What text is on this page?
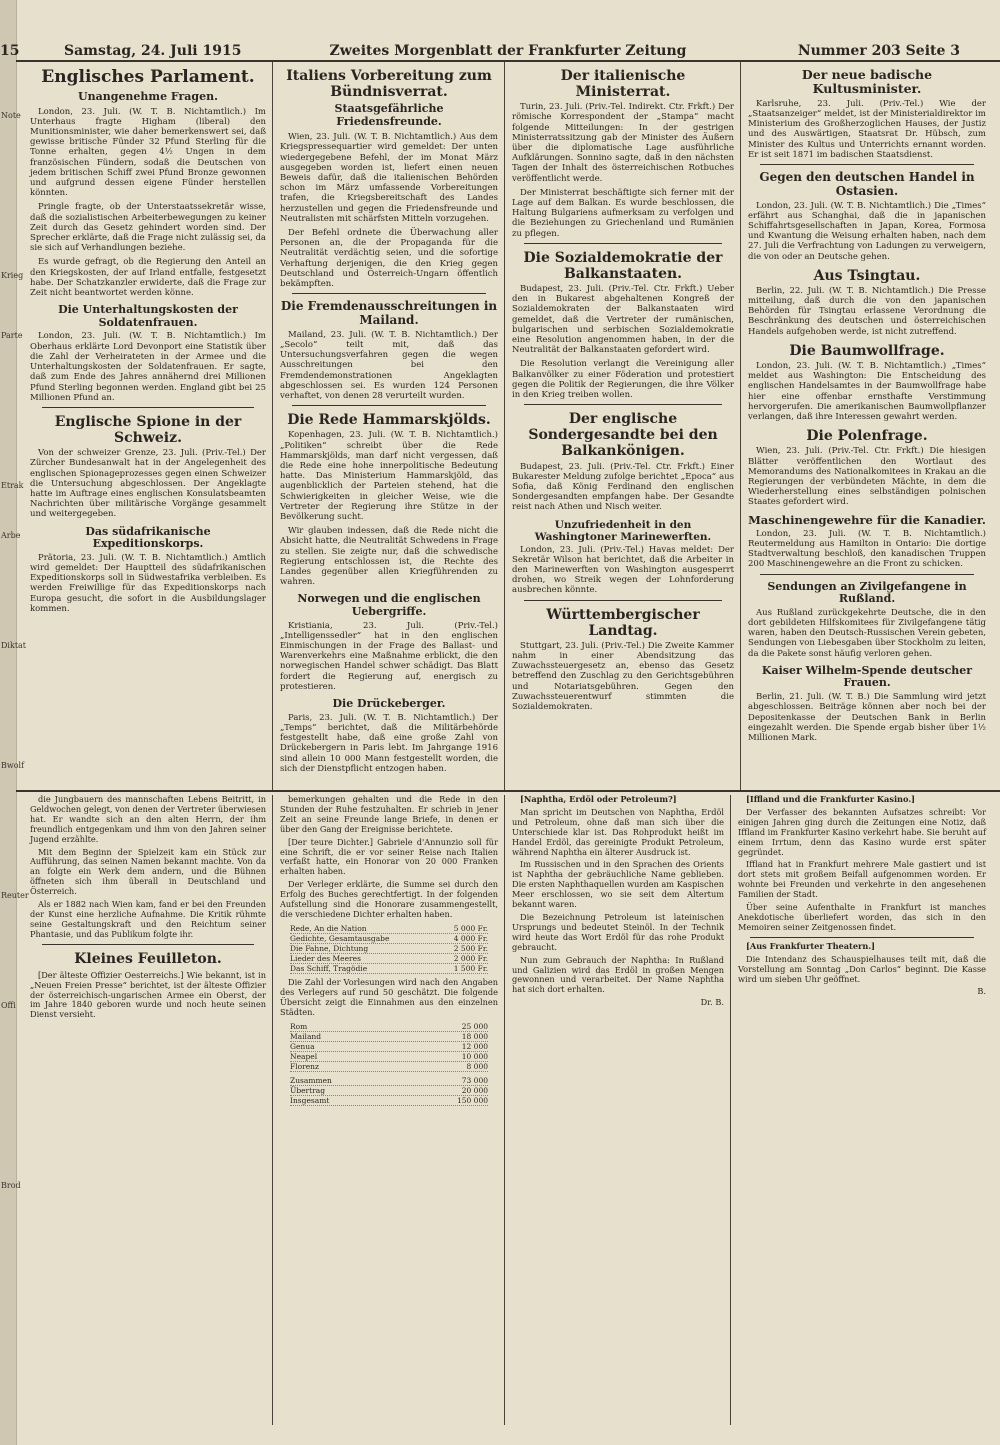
Note
Krieg
Parte
Etrak
Arbe
Diktat
Bwolf
Reuter
Offi
Brod
15	Samstag, 24. Juli 1915	Zweites Morgenblatt der Frankfurter Zeitung	Nummer 203 Seite 3
Englisches Parlament.
Unangenehme Fragen.

London, 23. Juli. (W. T. B. Nichtamtlich.) Im Unterhaus fragte Higham (liberal) den Munitionsminister, wie daher bemerkenswert sei, daß gewisse britische Fünder 32 Pfund Sterling für die Tonne erhalten, gegen 4½ Ungen in dem französischen Fündern, sodaß die Deutschen von jedem britischen Schiff zwei Pfund Bronze gewonnen und aufgrund dessen eigene Fünder herstellen könnten.

Pringle fragte, ob der Unterstaatssekretär wisse, daß die sozialistischen Arbeiterbewegungen zu keiner Zeit durch das Gesetz gehindert worden sind. Der Sprecher erklärte, daß die Frage nicht zulässig sei, da sie sich auf Verhandlungen beziehe.

Es wurde gefragt, ob die Regierung den Anteil an den Kriegskosten, der auf Irland entfalle, festgesetzt habe. Der Schatzkanzler erwiderte, daß die Frage zur Zeit nicht beantwortet werden könne.

Die Unterhaltungskosten der Soldatenfrauen.

London, 23. Juli. (W. T. B. Nichtamtlich.) Im Oberhaus erklärte Lord Devonport eine Statistik über die Zahl der Verheirateten in der Armee und die Unterhaltungskosten der Soldatenfrauen. Er sagte, daß zum Ende des Jahres annähernd drei Millionen Pfund Sterling begonnen werden. England gibt bei 25 Millionen Pfund an.

Englische Spione in der Schweiz.

Von der schweizer Grenze, 23. Juli. (Priv.-Tel.) Der Zürcher Bundesanwalt hat in der Angelegenheit des englischen Spionageprozesses gegen einen Schweizer die Untersuchung abgeschlossen. Der Angeklagte hatte im Auftrage eines englischen Konsulatsbeamten Nachrichten über militärische Vorgänge gesammelt und weitergegeben.

Das südafrikanische Expeditionskorps.

Prätoria, 23. Juli. (W. T. B. Nichtamtlich.) Amtlich wird gemeldet: Der Hauptteil des südafrikanischen Expeditionskorps soll in Südwestafrika verbleiben. Es werden Freiwillige für das Expeditionskorps nach Europa gesucht, die sofort in die Ausbildungslager kommen.

Italiens Vorbereitung zum Bündnisverrat.
Staatsgefährliche Friedensfreunde.

Wien, 23. Juli. (W. T. B. Nichtamtlich.) Aus dem Kriegspressequartier wird gemeldet: Der unten wiedergegebene Befehl, der im Monat März ausgegeben worden ist, liefert einen neuen Beweis dafür, daß die italienischen Behörden schon im März umfassende Vorbereitungen trafen, die Kriegsbereitschaft des Landes herzustellen und gegen die Friedensfreunde und Neutralisten mit schärfsten Mitteln vorzugehen.

Der Befehl ordnete die Überwachung aller Personen an, die der Propaganda für die Neutralität verdächtig seien, und die sofortige Verhaftung derjenigen, die den Krieg gegen Deutschland und Österreich-Ungarn öffentlich bekämpften.

Die Fremdenausschreitungen in Mailand.

Mailand, 23. Juli. (W. T. B. Nichtamtlich.) Der „Secolo“ teilt mit, daß das Untersuchungsverfahren gegen die wegen Ausschreitungen bei den Fremdendemonstrationen Angeklagten abgeschlossen sei. Es wurden 124 Personen verhaftet, von denen 28 verurteilt wurden.

Die Rede Hammarskjölds.

Kopenhagen, 23. Juli. (W. T. B. Nichtamtlich.) „Politiken“ schreibt über die Rede Hammarskjölds, man darf nicht vergessen, daß die Rede eine hohe innerpolitische Bedeutung hatte. Das Ministerium Hammarskjöld, das augenblicklich der Parteien stehend, hat die Schwierigkeiten in gleicher Weise, wie die Vertreter der Regierung ihre Stütze in der Bevölkerung sucht.

Wir glauben indessen, daß die Rede nicht die Absicht hatte, die Neutralität Schwedens in Frage zu stellen. Sie zeigte nur, daß die schwedische Regierung entschlossen ist, die Rechte des Landes gegenüber allen Kriegführenden zu wahren.

Norwegen und die englischen Uebergriffe.

Kristiania, 23. Juli. (Priv.-Tel.) „Intelligenssedler“ hat in den englischen Einmischungen in der Frage des Ballast- und Warenverkehrs eine Maßnahme erblickt, die den norwegischen Handel schwer schädigt. Das Blatt fordert die Regierung auf, energisch zu protestieren.

Die Drückeberger.

Paris, 23. Juli. (W. T. B. Nichtamtlich.) Der „Temps“ berichtet, daß die Militärbehörde festgestellt habe, daß eine große Zahl von Drückebergern in Paris lebt. Im Jahrgange 1916 sind allein 10 000 Mann festgestellt worden, die sich der Dienstpflicht entzogen haben.

Der italienische Ministerrat.

Turin, 23. Juli. (Priv.-Tel. Indirekt. Ctr. Frkft.) Der römische Korrespondent der „Stampa“ macht folgende Mitteilungen: In der gestrigen Ministerratssitzung gab der Minister des Äußern über die diplomatische Lage ausführliche Aufklärungen. Sonnino sagte, daß in den nächsten Tagen der Inhalt des österreichischen Rotbuches veröffentlicht werde.

Der Ministerrat beschäftigte sich ferner mit der Lage auf dem Balkan. Es wurde beschlossen, die Haltung Bulgariens aufmerksam zu verfolgen und die Beziehungen zu Griechenland und Rumänien zu pflegen.

Die Sozialdemokratie der Balkanstaaten.

Budapest, 23. Juli. (Priv.-Tel. Ctr. Frkft.) Ueber den in Bukarest abgehaltenen Kongreß der Sozialdemokraten der Balkanstaaten wird gemeldet, daß die Vertreter der rumänischen, bulgarischen und serbischen Sozialdemokratie eine Resolution angenommen haben, in der die Neutralität der Balkanstaaten gefordert wird.

Die Resolution verlangt die Vereinigung aller Balkanvölker zu einer Föderation und protestiert gegen die Politik der Regierungen, die ihre Völker in den Krieg treiben wollen.

Der englische Sondergesandte bei den Balkankönigen.

Budapest, 23. Juli. (Priv.-Tel. Ctr. Frkft.) Einer Bukarester Meldung zufolge berichtet „Epoca“ aus Sofia, daß König Ferdinand den englischen Sondergesandten empfangen habe. Der Gesandte reist nach Athen und Nisch weiter.

Unzufriedenheit in den Washingtoner Marinewerften.

London, 23. Juli. (Priv.-Tel.) Havas meldet: Der Sekretär Wilson hat berichtet, daß die Arbeiter in den Marinewerften von Washington ausgesperrt drohen, wo Streik wegen der Lohnforderung ausbrechen könnte.

Württembergischer Landtag.

Stuttgart, 23. Juli. (Priv.-Tel.) Die Zweite Kammer nahm in einer Abendsitzung das Zuwachssteuergesetz an, ebenso das Gesetz betreffend den Zuschlag zu den Gerichtsgebühren und Notariatsgebühren. Gegen den Zuwachssteuerentwurf stimmten die Sozialdemokraten.

Der neue badische Kultusminister.

Karlsruhe, 23. Juli. (Priv.-Tel.) Wie der „Staatsanzeiger“ meldet, ist der Ministerialdirektor im Ministerium des Großherzoglichen Hauses, der Justiz und des Auswärtigen, Staatsrat Dr. Hübsch, zum Minister des Kultus und Unterrichts ernannt worden. Er ist seit 1871 im badischen Staatsdienst.

Gegen den deutschen Handel in Ostasien.

London, 23. Juli. (W. T. B. Nichtamtlich.) Die „Times“ erfährt aus Schanghai, daß die in japanischen Schiffahrtsgesellschaften in Japan, Korea, Formosa und Kwantung die Weisung erhalten haben, nach dem 27. Juli die Verfrachtung von Ladungen zu verweigern, die von oder an Deutsche gehen.

Aus Tsingtau.

Berlin, 22. Juli. (W. T. B. Nichtamtlich.) Die Presse mitteilung, daß durch die von den japanischen Behörden für Tsingtau erlassene Verordnung die Beschränkung des deutschen und österreichischen Handels aufgehoben werde, ist nicht zutreffend.

Die Baumwollfrage.

London, 23. Juli. (W. T. B. Nichtamtlich.) „Times“ meldet aus Washington: Die Entscheidung des englischen Handelsamtes in der Baumwollfrage habe hier eine offenbar ernsthafte Verstimmung hervorgerufen. Die amerikanischen Baumwollpflanzer verlangen, daß ihre Interessen gewahrt werden.

Die Polenfrage.

Wien, 23. Juli. (Priv.-Tel. Ctr. Frkft.) Die hiesigen Blätter veröffentlichen den Wortlaut des Memorandums des Nationalkomitees in Krakau an die Regierungen der verbündeten Mächte, in dem die Wiederherstellung eines selbständigen polnischen Staates gefordert wird.

Maschinengewehre für die Kanadier.

London, 23. Juli. (W. T. B. Nichtamtlich.) Reutermeldung aus Hamilton in Ontario: Die dortige Stadtverwaltung beschloß, den kanadischen Truppen 200 Maschinengewehre an die Front zu schicken.

Sendungen an Zivilgefangene in Rußland.

Aus Rußland zurückgekehrte Deutsche, die in den dort gebildeten Hilfskomitees für Zivilgefangene tätig waren, haben den Deutsch-Russischen Verein gebeten, Sendungen von Liebesgaben über Stockholm zu leiten, da die Pakete sonst häufig verloren gehen.

Kaiser Wilhelm-Spende deutscher Frauen.

Berlin, 21. Juli. (W. T. B.) Die Sammlung wird jetzt abgeschlossen. Beiträge können aber noch bei der Depositenkasse der Deutschen Bank in Berlin eingezahlt werden. Die Spende ergab bisher über 1½ Millionen Mark.

die Jungbauern des mannschaften Lebens Beitritt, in Geldwochen gelegt, von denen der Vertreter überwiesen hat. Er wandte sich an den alten Herrn, der ihm freundlich entgegenkam und ihm von den Jahren seiner Jugend erzählte.

Mit dem Beginn der Spielzeit kam ein Stück zur Aufführung, das seinen Namen bekannt machte. Von da an folgte ein Werk dem andern, und die Bühnen öffneten sich ihm überall in Deutschland und Österreich.

Als er 1882 nach Wien kam, fand er bei den Freunden der Kunst eine herzliche Aufnahme. Die Kritik rühmte seine Gestaltungskraft und den Reichtum seiner Phantasie, und das Publikum folgte ihr.

Kleines Feuilleton.

[Der älteste Offizier Oesterreichs.] Wie bekannt, ist in „Neuen Freien Presse“ berichtet, ist der älteste Offizier der österreichisch-ungarischen Armee ein Oberst, der im Jahre 1840 geboren wurde und noch heute seinen Dienst versieht.

bemerkungen gehalten und die Rede in den Stunden der Ruhe festzuhalten. Er schrieb in jener Zeit an seine Freunde lange Briefe, in denen er über den Gang der Ereignisse berichtete.

[Der teure Dichter.] Gabriele d'Annunzio soll für eine Schrift, die er vor seiner Reise nach Italien verfaßt hatte, ein Honorar von 20 000 Franken erhalten haben.

Der Verleger erklärte, die Summe sei durch den Erfolg des Buches gerechtfertigt. In der folgenden Aufstellung sind die Honorare zusammengestellt, die verschiedene Dichter erhalten haben.

Rede, An die Nation	5 000 Fr.
Gedichte, Gesamtausgabe	4 000 Fr.
Die Fahne, Dichtung	2 500 Fr.
Lieder des Meeres	2 000 Fr.
Das Schiff, Tragödie	1 500 Fr.

Die Zahl der Vorlesungen wird nach den Angaben des Verlegers auf rund 50 geschätzt. Die folgende Übersicht zeigt die Einnahmen aus den einzelnen Städten.

Rom	25 000
Mailand	18 000
Genua	12 000
Neapel	10 000
Florenz	8 000
Zusammen	73 000
Übertrag	20 000
Insgesamt	150 000

[Naphtha, Erdöl oder Petroleum?]

Man spricht im Deutschen von Naphtha, Erdöl und Petroleum, ohne daß man sich über die Unterschiede klar ist. Das Rohprodukt heißt im Handel Erdöl, das gereinigte Produkt Petroleum, während Naphtha ein älterer Ausdruck ist.

Im Russischen und in den Sprachen des Orients ist Naphtha der gebräuchliche Name geblieben. Die ersten Naphthaquellen wurden am Kaspischen Meer erschlossen, wo sie seit dem Altertum bekannt waren.

Die Bezeichnung Petroleum ist lateinischen Ursprungs und bedeutet Steinöl. In der Technik wird heute das Wort Erdöl für das rohe Produkt gebraucht.

Nun zum Gebrauch der Naphtha: In Rußland und Galizien wird das Erdöl in großen Mengen gewonnen und verarbeitet. Der Name Naphtha hat sich dort erhalten.

Dr. B.

[Iffland und die Frankfurter Kasino.]

Der Verfasser des bekannten Aufsatzes schreibt: Vor einigen Jahren ging durch die Zeitungen eine Notiz, daß Iffland im Frankfurter Kasino verkehrt habe. Sie beruht auf einem Irrtum, denn das Kasino wurde erst später gegründet.

Iffland hat in Frankfurt mehrere Male gastiert und ist dort stets mit großem Beifall aufgenommen worden. Er wohnte bei Freunden und verkehrte in den angesehenen Familien der Stadt.

Über seine Aufenthalte in Frankfurt ist manches Anekdotische überliefert worden, das sich in den Memoiren seiner Zeitgenossen findet.

[Aus Frankfurter Theatern.]

Die Intendanz des Schauspielhauses teilt mit, daß die Vorstellung am Sonntag „Don Carlos“ beginnt. Die Kasse wird um sieben Uhr geöffnet.

B.
